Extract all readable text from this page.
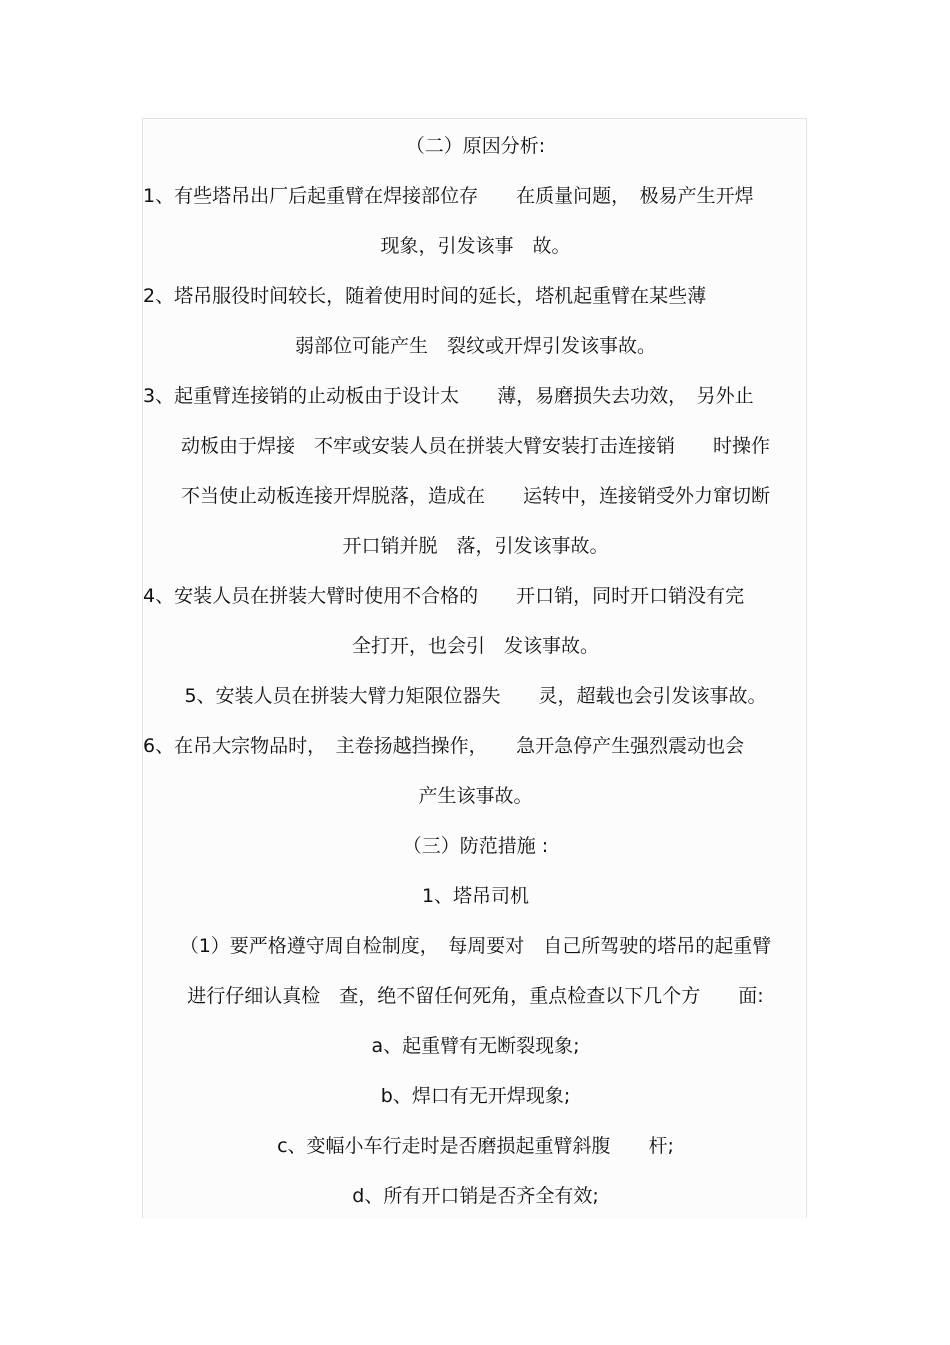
（二）原因分析:
1、有些塔吊出厂后起重臂在焊接部位存　　在质量问题，　极易产生开焊
现象，引发该事　故。
2、塔吊服役时间较长，随着使用时间的延长，塔机起重臂在某些薄
弱部位可能产生　裂纹或开焊引发该事故。
3、起重臂连接销的止动板由于设计太　　薄，易磨损失去功效，　另外止
动板由于焊接　不牢或安装人员在拼装大臂安装打击连接销　　时操作
不当使止动板连接开焊脱落，造成在　　运转中，连接销受外力窜切断
开口销并脱　落，引发该事故。
4、安装人员在拼装大臂时使用不合格的　　开口销，同时开口销没有完
全打开，也会引　发该事故。
5、安装人员在拼装大臂力矩限位器失　　灵，超载也会引发该事故。
6、在吊大宗物品时，　主卷扬越挡操作，　　急开急停产生强烈震动也会
产生该事故。
（三）防范措施 :
1、塔吊司机
（1）要严格遵守周自检制度，　每周要对　自己所驾驶的塔吊的起重臂
进行仔细认真检　查，绝不留任何死角，重点检查以下几个方　　面:
a、起重臂有无断裂现象;
b、焊口有无开焊现象;
c、变幅小车行走时是否磨损起重臂斜腹　　杆;
d、所有开口销是否齐全有效;
